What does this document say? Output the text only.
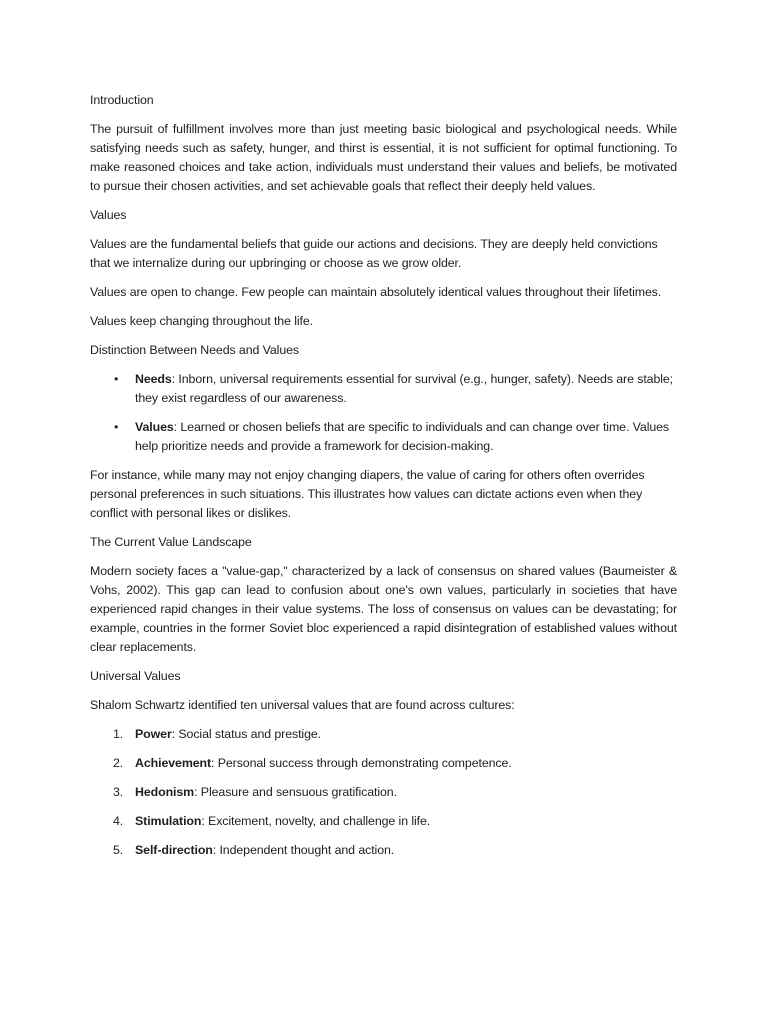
Introduction

The pursuit of fulfillment involves more than just meeting basic biological and psychological needs. While satisfying needs such as safety, hunger, and thirst is essential, it is not sufficient for optimal functioning. To make reasoned choices and take action, individuals must understand their values and beliefs, be motivated to pursue their chosen activities, and set achievable goals that reflect their deeply held values.

Values

Values are the fundamental beliefs that guide our actions and decisions. They are deeply held convictions that we internalize during our upbringing or choose as we grow older.

Values are open to change. Few people can maintain absolutely identical values throughout their lifetimes.

Values keep changing throughout the life.

Distinction Between Needs and Values

• Needs: Inborn, universal requirements essential for survival (e.g., hunger, safety). Needs are stable; they exist regardless of our awareness.
• Values: Learned or chosen beliefs that are specific to individuals and can change over time. Values help prioritize needs and provide a framework for decision-making.

For instance, while many may not enjoy changing diapers, the value of caring for others often overrides personal preferences in such situations. This illustrates how values can dictate actions even when they conflict with personal likes or dislikes.

The Current Value Landscape

Modern society faces a "value-gap," characterized by a lack of consensus on shared values (Baumeister & Vohs, 2002). This gap can lead to confusion about one's own values, particularly in societies that have experienced rapid changes in their value systems. The loss of consensus on values can be devastating; for example, countries in the former Soviet bloc experienced a rapid disintegration of established values without clear replacements.

Universal Values

Shalom Schwartz identified ten universal values that are found across cultures:

1. Power: Social status and prestige.
2. Achievement: Personal success through demonstrating competence.
3. Hedonism: Pleasure and sensuous gratification.
4. Stimulation: Excitement, novelty, and challenge in life.
5. Self-direction: Independent thought and action.
